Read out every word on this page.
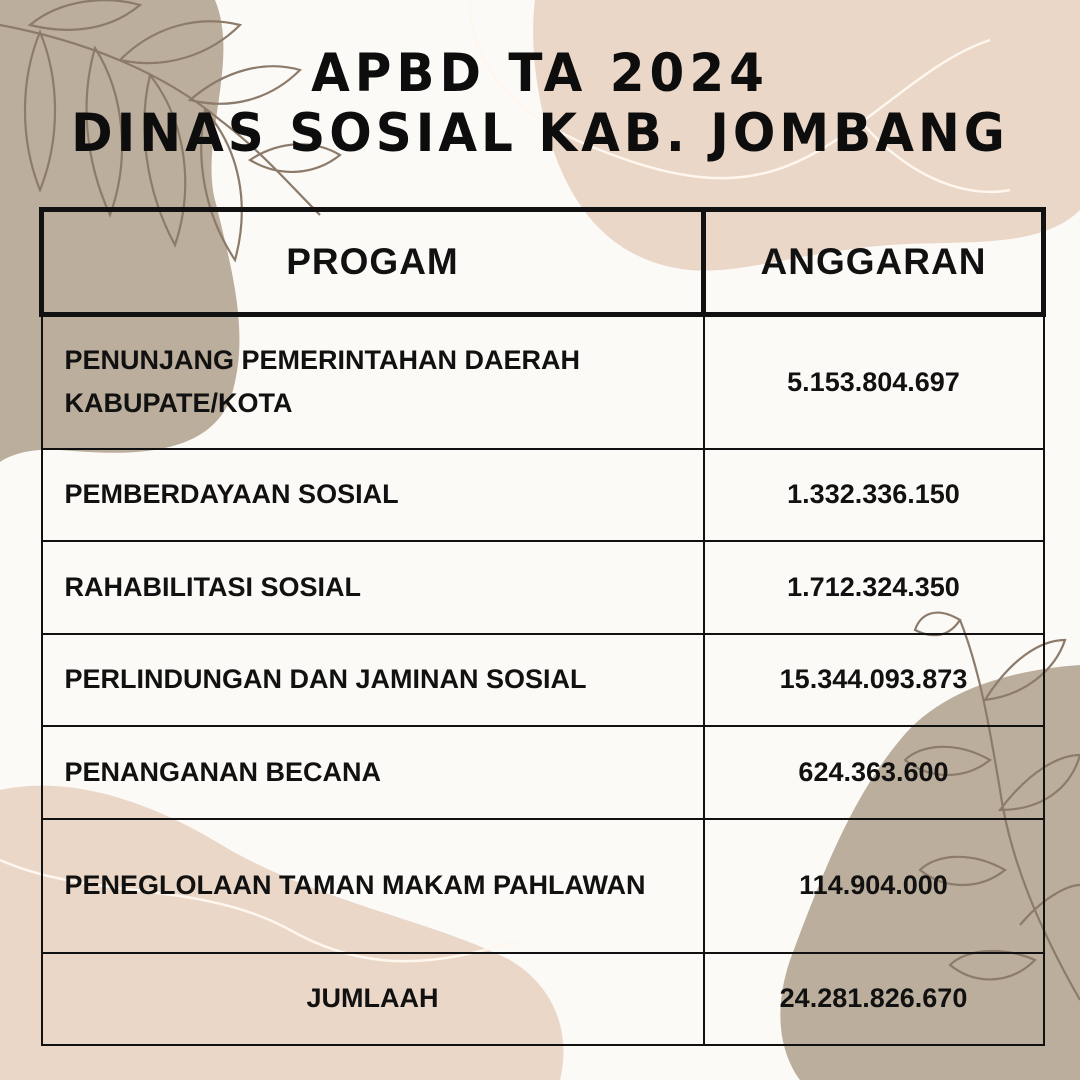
APBD TA 2024
DINAS SOSIAL KAB. JOMBANG
PROGAM	ANGGARAN
PENUNJANG PEMERINTAHAN DAERAH KABUPATE/KOTA	5.153.804.697
PEMBERDAYAAN SOSIAL	1.332.336.150
RAHABILITASI SOSIAL	1.712.324.350
PERLINDUNGAN DAN JAMINAN SOSIAL	15.344.093.873
PENANGANAN BECANA	624.363.600
PENEGLOLAAN TAMAN MAKAM PAHLAWAN	114.904.000
JUMLAAH	24.281.826.670
